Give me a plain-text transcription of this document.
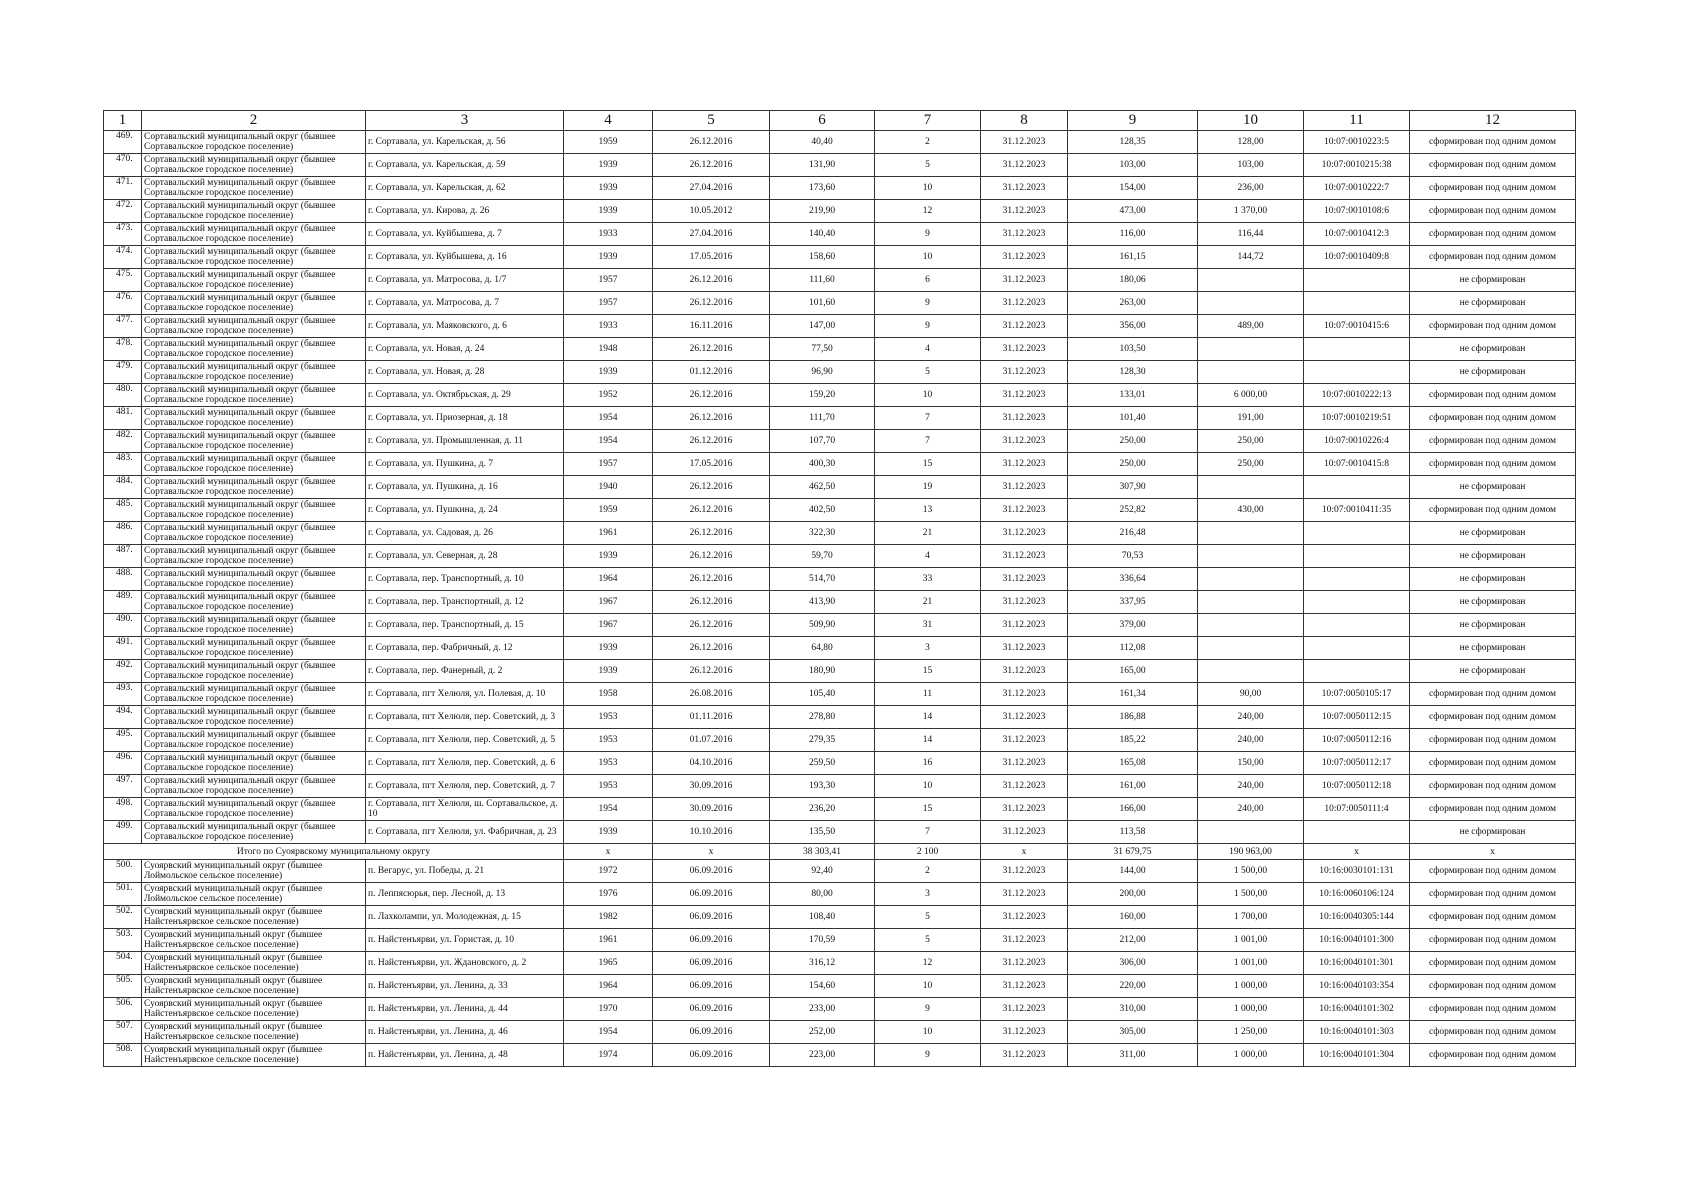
1	2	3	4	5	6	7	8	9	10	11	12
469.	Сортавальский муниципальный округ (бывшее Сортавальское городское поселение)	г. Сортавала, ул. Карельская, д. 56	1959	26.12.2016	40,40	2	31.12.2023	128,35	128,00	10:07:0010223:5	сформирован под одним домом
470.	Сортавальский муниципальный округ (бывшее Сортавальское городское поселение)	г. Сортавала, ул. Карельская, д. 59	1939	26.12.2016	131,90	5	31.12.2023	103,00	103,00	10:07:0010215:38	сформирован под одним домом
471.	Сортавальский муниципальный округ (бывшее Сортавальское городское поселение)	г. Сортавала, ул. Карельская, д. 62	1939	27.04.2016	173,60	10	31.12.2023	154,00	236,00	10:07:0010222:7	сформирован под одним домом
472.	Сортавальский муниципальный округ (бывшее Сортавальское городское поселение)	г. Сортавала, ул. Кирова, д. 26	1939	10.05.2012	219,90	12	31.12.2023	473,00	1 370,00	10:07:0010108:6	сформирован под одним домом
473.	Сортавальский муниципальный округ (бывшее Сортавальское городское поселение)	г. Сортавала, ул. Куйбышева, д. 7	1933	27.04.2016	140,40	9	31.12.2023	116,00	116,44	10:07:0010412:3	сформирован под одним домом
474.	Сортавальский муниципальный округ (бывшее Сортавальское городское поселение)	г. Сортавала, ул. Куйбышева, д. 16	1939	17.05.2016	158,60	10	31.12.2023	161,15	144,72	10:07:0010409:8	сформирован под одним домом
475.	Сортавальский муниципальный округ (бывшее Сортавальское городское поселение)	г. Сортавала, ул. Матросова, д. 1/7	1957	26.12.2016	111,60	6	31.12.2023	180,06			не сформирован
476.	Сортавальский муниципальный округ (бывшее Сортавальское городское поселение)	г. Сортавала, ул. Матросова, д. 7	1957	26.12.2016	101,60	9	31.12.2023	263,00			не сформирован
477.	Сортавальский муниципальный округ (бывшее Сортавальское городское поселение)	г. Сортавала, ул. Маяковского, д. 6	1933	16.11.2016	147,00	9	31.12.2023	356,00	489,00	10:07:0010415:6	сформирован под одним домом
478.	Сортавальский муниципальный округ (бывшее Сортавальское городское поселение)	г. Сортавала, ул. Новая, д. 24	1948	26.12.2016	77,50	4	31.12.2023	103,50			не сформирован
479.	Сортавальский муниципальный округ (бывшее Сортавальское городское поселение)	г. Сортавала, ул. Новая, д. 28	1939	01.12.2016	96,90	5	31.12.2023	128,30			не сформирован
480.	Сортавальский муниципальный округ (бывшее Сортавальское городское поселение)	г. Сортавала, ул. Октябрьская, д. 29	1952	26.12.2016	159,20	10	31.12.2023	133,01	6 000,00	10:07:0010222:13	сформирован под одним домом
481.	Сортавальский муниципальный округ (бывшее Сортавальское городское поселение)	г. Сортавала, ул. Приозерная, д. 18	1954	26.12.2016	111,70	7	31.12.2023	101,40	191,00	10:07:0010219:51	сформирован под одним домом
482.	Сортавальский муниципальный округ (бывшее Сортавальское городское поселение)	г. Сортавала, ул. Промышленная, д. 11	1954	26.12.2016	107,70	7	31.12.2023	250,00	250,00	10:07:0010226:4	сформирован под одним домом
483.	Сортавальский муниципальный округ (бывшее Сортавальское городское поселение)	г. Сортавала, ул. Пушкина, д. 7	1957	17.05.2016	400,30	15	31.12.2023	250,00	250,00	10:07:0010415:8	сформирован под одним домом
484.	Сортавальский муниципальный округ (бывшее Сортавальское городское поселение)	г. Сортавала, ул. Пушкина, д. 16	1940	26.12.2016	462,50	19	31.12.2023	307,90			не сформирован
485.	Сортавальский муниципальный округ (бывшее Сортавальское городское поселение)	г. Сортавала, ул. Пушкина, д. 24	1959	26.12.2016	402,50	13	31.12.2023	252,82	430,00	10:07:0010411:35	сформирован под одним домом
486.	Сортавальский муниципальный округ (бывшее Сортавальское городское поселение)	г. Сортавала, ул. Садовая, д. 26	1961	26.12.2016	322,30	21	31.12.2023	216,48			не сформирован
487.	Сортавальский муниципальный округ (бывшее Сортавальское городское поселение)	г. Сортавала, ул. Северная, д. 28	1939	26.12.2016	59,70	4	31.12.2023	70,53			не сформирован
488.	Сортавальский муниципальный округ (бывшее Сортавальское городское поселение)	г. Сортавала, пер. Транспортный, д. 10	1964	26.12.2016	514,70	33	31.12.2023	336,64			не сформирован
489.	Сортавальский муниципальный округ (бывшее Сортавальское городское поселение)	г. Сортавала, пер. Транспортный, д. 12	1967	26.12.2016	413,90	21	31.12.2023	337,95			не сформирован
490.	Сортавальский муниципальный округ (бывшее Сортавальское городское поселение)	г. Сортавала, пер. Транспортный, д. 15	1967	26.12.2016	509,90	31	31.12.2023	379,00			не сформирован
491.	Сортавальский муниципальный округ (бывшее Сортавальское городское поселение)	г. Сортавала, пер. Фабричный, д. 12	1939	26.12.2016	64,80	3	31.12.2023	112,08			не сформирован
492.	Сортавальский муниципальный округ (бывшее Сортавальское городское поселение)	г. Сортавала, пер. Фанерный, д. 2	1939	26.12.2016	180,90	15	31.12.2023	165,00			не сформирован
493.	Сортавальский муниципальный округ (бывшее Сортавальское городское поселение)	г. Сортавала, пгт Хелюля, ул. Полевая, д. 10	1958	26.08.2016	105,40	11	31.12.2023	161,34	90,00	10:07:0050105:17	сформирован под одним домом
494.	Сортавальский муниципальный округ (бывшее Сортавальское городское поселение)	г. Сортавала, пгт Хелюля, пер. Советский, д. 3	1953	01.11.2016	278,80	14	31.12.2023	186,88	240,00	10:07:0050112:15	сформирован под одним домом
495.	Сортавальский муниципальный округ (бывшее Сортавальское городское поселение)	г. Сортавала, пгт Хелюля, пер. Советский, д. 5	1953	01.07.2016	279,35	14	31.12.2023	185,22	240,00	10:07:0050112:16	сформирован под одним домом
496.	Сортавальский муниципальный округ (бывшее Сортавальское городское поселение)	г. Сортавала, пгт Хелюля, пер. Советский, д. 6	1953	04.10.2016	259,50	16	31.12.2023	165,08	150,00	10:07:0050112:17	сформирован под одним домом
497.	Сортавальский муниципальный округ (бывшее Сортавальское городское поселение)	г. Сортавала, пгт Хелюля, пер. Советский, д. 7	1953	30.09.2016	193,30	10	31.12.2023	161,00	240,00	10:07:0050112:18	сформирован под одним домом
498.	Сортавальский муниципальный округ (бывшее Сортавальское городское поселение)	г. Сортавала, пгт Хелюля, ш. Сортавальское, д. 10	1954	30.09.2016	236,20	15	31.12.2023	166,00	240,00	10:07:0050111:4	сформирован под одним домом
499.	Сортавальский муниципальный округ (бывшее Сортавальское городское поселение)	г. Сортавала, пгт Хелюля, ул. Фабричная, д. 23	1939	10.10.2016	135,50	7	31.12.2023	113,58			не сформирован
Итого по Суоярвскому муниципальному округу			х	х	38 303,41	2 100	х	31 679,75	190 963,00	х	х
500.	Суоярвский муниципальный округ (бывшее Лоймольское сельское поселение)	п. Вегарус, ул. Победы, д. 21	1972	06.09.2016	92,40	2	31.12.2023	144,00	1 500,00	10:16:0030101:131	сформирован под одним домом
501.	Суоярвский муниципальный округ (бывшее Лоймольское сельское поселение)	п. Леппясюрья, пер. Лесной, д. 13	1976	06.09.2016	80,00	3	31.12.2023	200,00	1 500,00	10:16:0060106:124	сформирован под одним домом
502.	Суоярвский муниципальный округ (бывшее Найстенъярвское сельское поселение)	п. Лахколампи, ул. Молодежная, д. 15	1982	06.09.2016	108,40	5	31.12.2023	160,00	1 700,00	10:16:0040305:144	сформирован под одним домом
503.	Суоярвский муниципальный округ (бывшее Найстенъярвское сельское поселение)	п. Найстенъярви, ул. Гористая, д. 10	1961	06.09.2016	170,59	5	31.12.2023	212,00	1 001,00	10:16:0040101:300	сформирован под одним домом
504.	Суоярвский муниципальный округ (бывшее Найстенъярвское сельское поселение)	п. Найстенъярви, ул. Ждановского, д. 2	1965	06.09.2016	316,12	12	31.12.2023	306,00	1 001,00	10:16:0040101:301	сформирован под одним домом
505.	Суоярвский муниципальный округ (бывшее Найстенъярвское сельское поселение)	п. Найстенъярви, ул. Ленина, д. 33	1964	06.09.2016	154,60	10	31.12.2023	220,00	1 000,00	10:16:0040103:354	сформирован под одним домом
506.	Суоярвский муниципальный округ (бывшее Найстенъярвское сельское поселение)	п. Найстенъярви, ул. Ленина, д. 44	1970	06.09.2016	233,00	9	31.12.2023	310,00	1 000,00	10:16:0040101:302	сформирован под одним домом
507.	Суоярвский муниципальный округ (бывшее Найстенъярвское сельское поселение)	п. Найстенъярви, ул. Ленина, д. 46	1954	06.09.2016	252,00	10	31.12.2023	305,00	1 250,00	10:16:0040101:303	сформирован под одним домом
508.	Суоярвский муниципальный округ (бывшее Найстенъярвское сельское поселение)	п. Найстенъярви, ул. Ленина, д. 48	1974	06.09.2016	223,00	9	31.12.2023	311,00	1 000,00	10:16:0040101:304	сформирован под одним домом
